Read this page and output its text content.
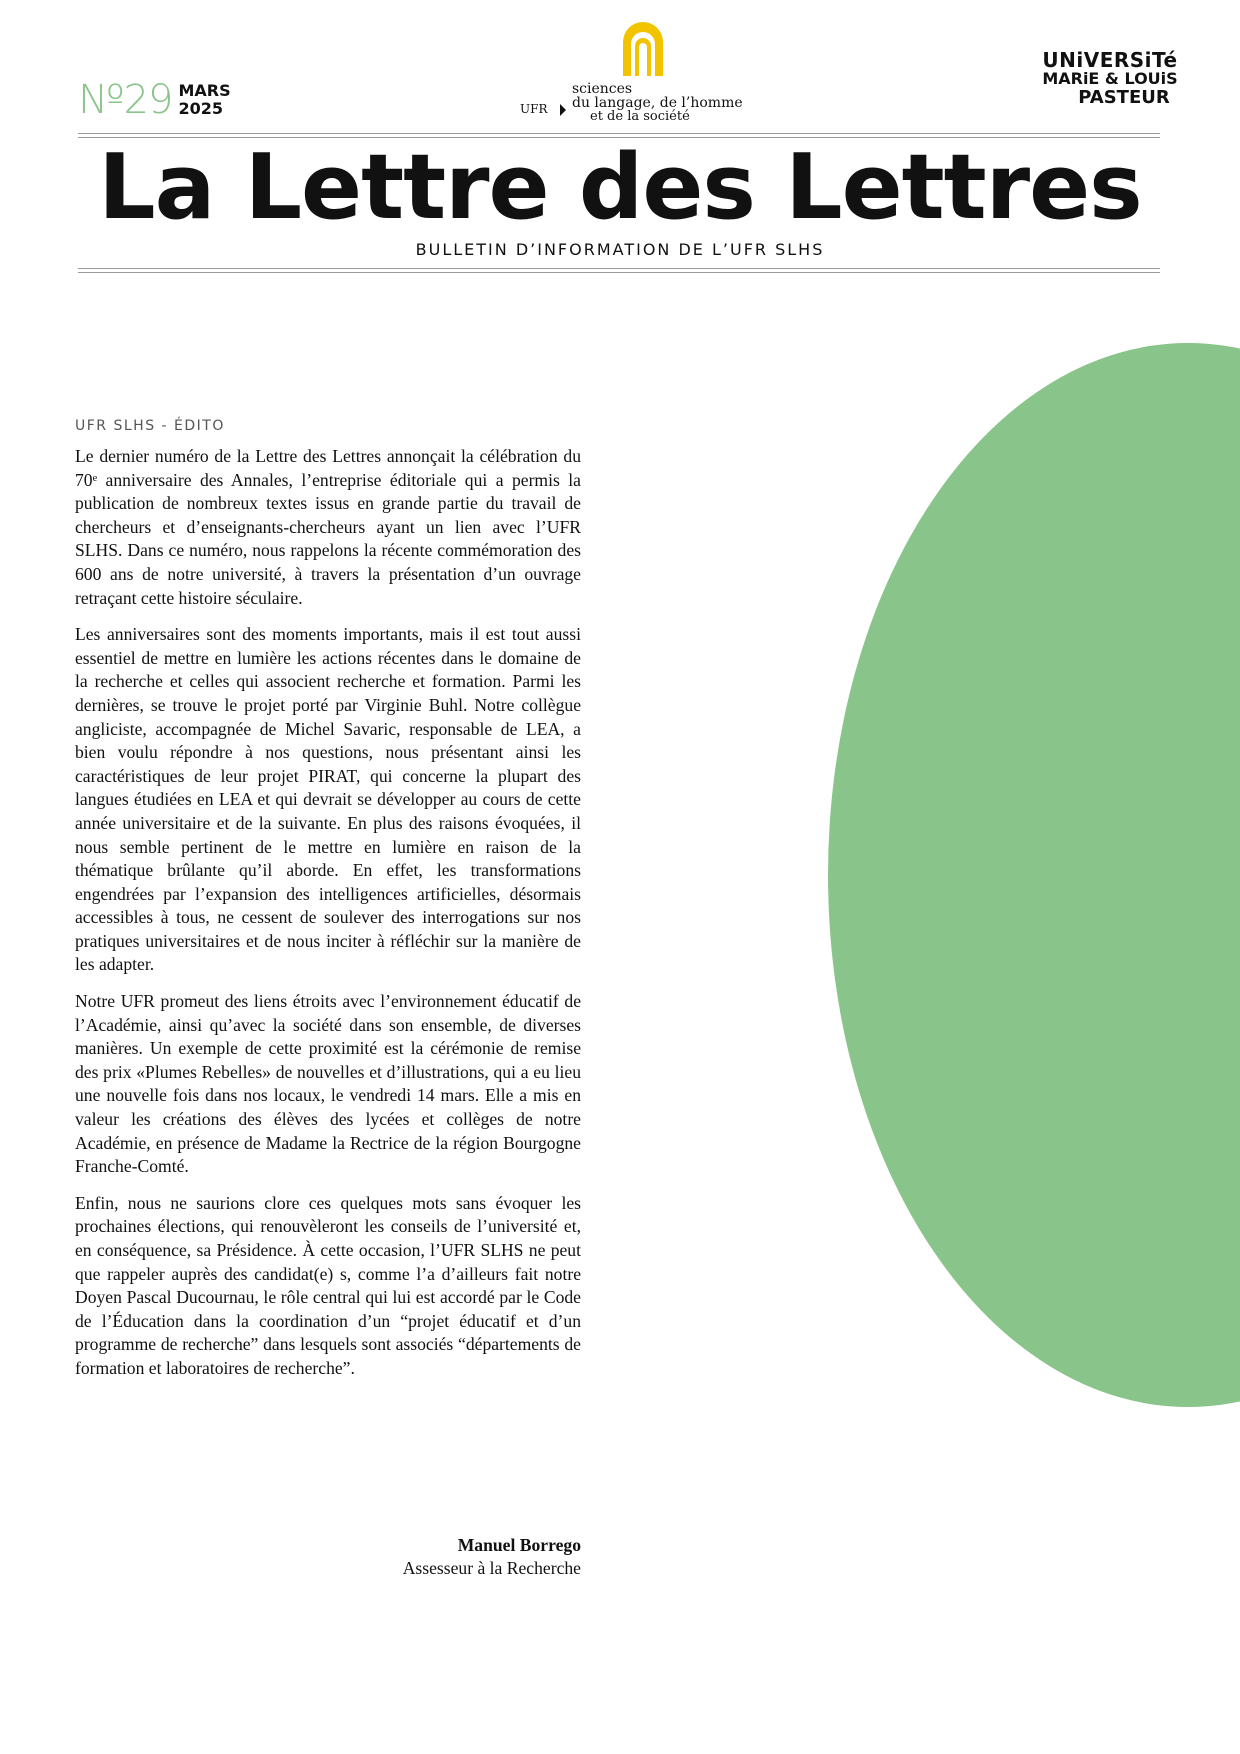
№29 MARS
2025	UFR
sciences
du langage, de l’homme
et de la société
UNiVERSiTé
MARiE & LOUiS
PASTEUR
La Lettre des Lettres
BULLETIN D’INFORMATION DE L’UFR SLHS
UFR SLHS - ÉDITO

Le dernier numéro de la Lettre des Lettres annonçait la célébration du 70ᵉ anniversaire des Annales, l’entreprise éditoriale qui a permis la publication de nombreux textes issus en grande partie du travail de chercheurs et d’enseignants-chercheurs ayant un lien avec l’UFR SLHS. Dans ce numéro, nous rappelons la récente commémoration des 600 ans de notre université, à travers la présentation d’un ouvrage retraçant cette histoire séculaire.

Les anniversaires sont des moments importants, mais il est tout aussi essentiel de mettre en lumière les actions récentes dans le domaine de la recherche et celles qui associent recherche et formation. Parmi les dernières, se trouve le projet porté par Virginie Buhl. Notre collègue angliciste, accompagnée de Michel Savaric, responsable de LEA, a bien voulu répondre à nos questions, nous présentant ainsi les caractéristiques de leur projet PIRAT, qui concerne la plupart des langues étudiées en LEA et qui devrait se développer au cours de cette année universitaire et de la suivante. En plus des raisons évoquées, il nous semble pertinent de le mettre en lumière en raison de la thématique brûlante qu’il aborde. En effet, les transformations engendrées par l’expansion des intelligences artificielles, désormais accessibles à tous, ne cessent de soulever des interrogations sur nos pratiques universitaires et de nous inciter à réfléchir sur la manière de les adapter.

Notre UFR promeut des liens étroits avec l’environnement éducatif de l’Académie, ainsi qu’avec la société dans son ensemble, de diverses manières. Un exemple de cette proximité est la cérémonie de remise des prix «Plumes Rebelles» de nouvelles et d’illustrations, qui a eu lieu une nouvelle fois dans nos locaux, le vendredi 14 mars. Elle a mis en valeur les créations des élèves des lycées et collèges de notre Académie, en présence de Madame la Rectrice de la région Bourgogne Franche-Comté.

Enfin, nous ne saurions clore ces quelques mots sans évoquer les prochaines élections, qui renouvèleront les conseils de l’université et, en conséquence, sa Présidence. À cette occasion, l’UFR SLHS ne peut que rappeler auprès des candidat(e) s, comme l’a d’ailleurs fait notre Doyen Pascal Ducournau, le rôle central qui lui est accordé par le Code de l’Éducation dans la coordination d’un “projet éducatif et d’un programme de recherche” dans lesquels sont associés “départements de formation et laboratoires de recherche”.

Manuel Borrego
Assesseur à la Recherche
